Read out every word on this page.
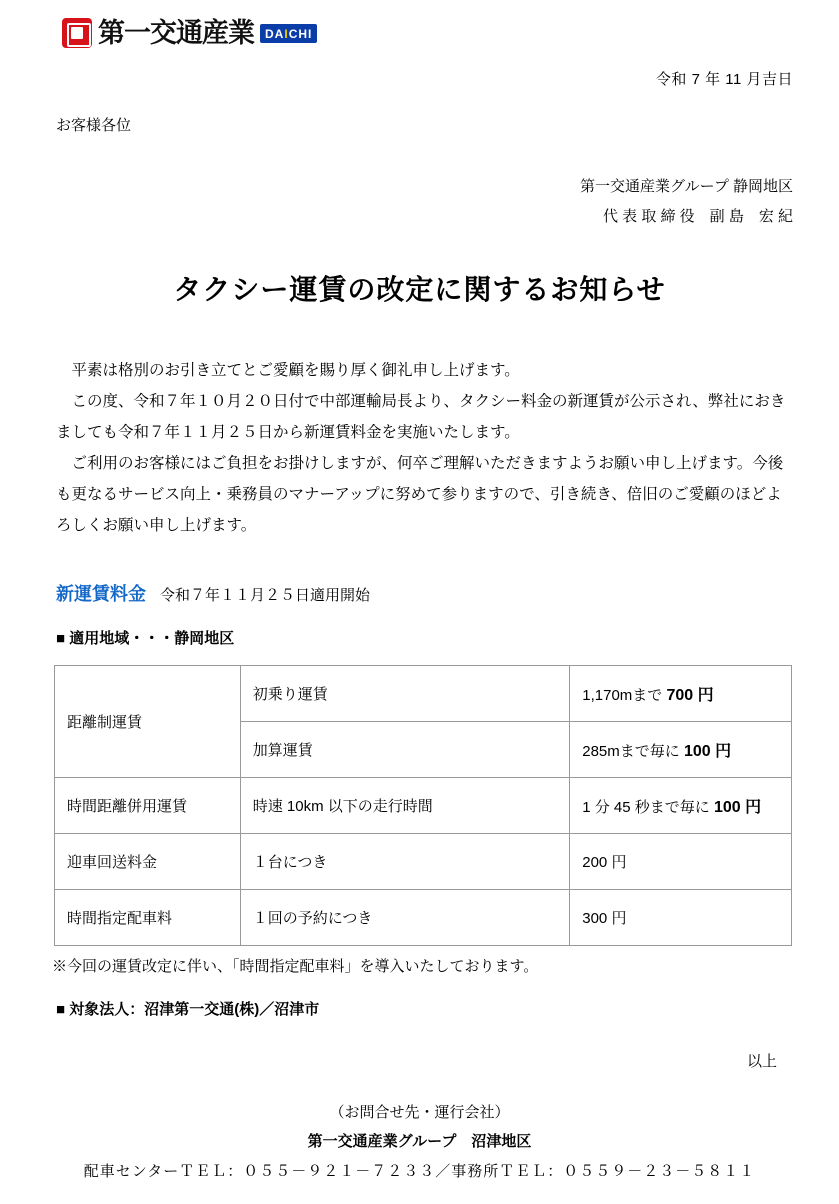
第一交通産業 DAICHI
令和 7 年 11 月吉日
お客様各位
第一交通産業グループ 静岡地区
代 表 取 締 役　副 島　宏 紀
タクシー運賃の改定に関するお知らせ

平素は格別のお引き立てとご愛顧を賜り厚く御礼申し上げます。

この度、令和７年１０月２０日付で中部運輸局長より、タクシー料金の新運賃が公示され、弊社におきましても令和７年１１月２５日から新運賃料金を実施いたします。

ご利用のお客様にはご負担をお掛けしますが、何卒ご理解いただきますようお願い申し上げます。今後も更なるサービス向上・乗務員のマナーアップに努めて参りますので、引き続き、倍旧のご愛顧のほどよろしくお願い申し上げます。

新運賃料金 令和７年１１月２５日適用開始
■ 適用地域・・・静岡地区
距離制運賃	初乗り運賃	1,170mまで 700 円
	加算運賃	285mまで毎に 100 円
時間距離併用運賃	時速 10km 以下の走行時間	1 分 45 秒まで毎に 100 円
迎車回送料金	１台につき	200 円
時間指定配車料	１回の予約につき	300 円
※今回の運賃改定に伴い、「時間指定配車料」を導入いたしております。
■ 対象法人：沼津第一交通(株)／沼津市
以上
（お問合せ先・運行会社）
第一交通産業グループ　沼津地区
配車センターＴＥＬ：０５５－９２１－７２３３／事務所ＴＥＬ：０５５９－２３－５８１１
